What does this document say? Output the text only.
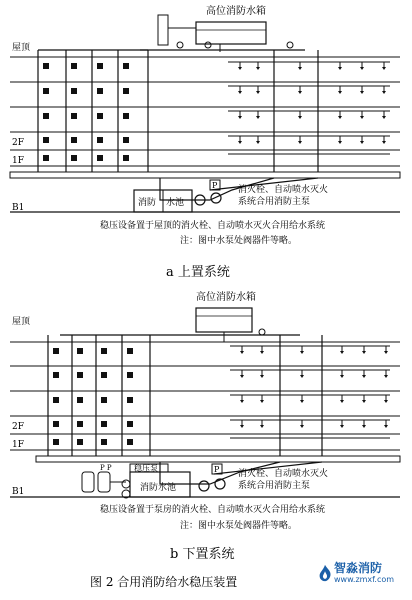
高位消防水箱
屋顶
2F
1F
B1	消防 水池
P 消火栓、自动喷水灭火
系统合用消防主泵
稳压设备置于屋顶的消火栓、自动喷水灭火合用给水系统
注：图中水泵处阀器件等略。
a 上置系统
高位消防水箱
屋顶
2F
1F
B1
稳压泵
消防水池
P P	P 消火栓、自动喷水灭火
系统合用消防主泵
稳压设备置于泵房的消火栓、自动喷水灭火合用给水系统
注：图中水泵处阀器件等略。
b 下置系统
图 2 合用消防给水稳压装置
智淼消防
www.zmxf.com
